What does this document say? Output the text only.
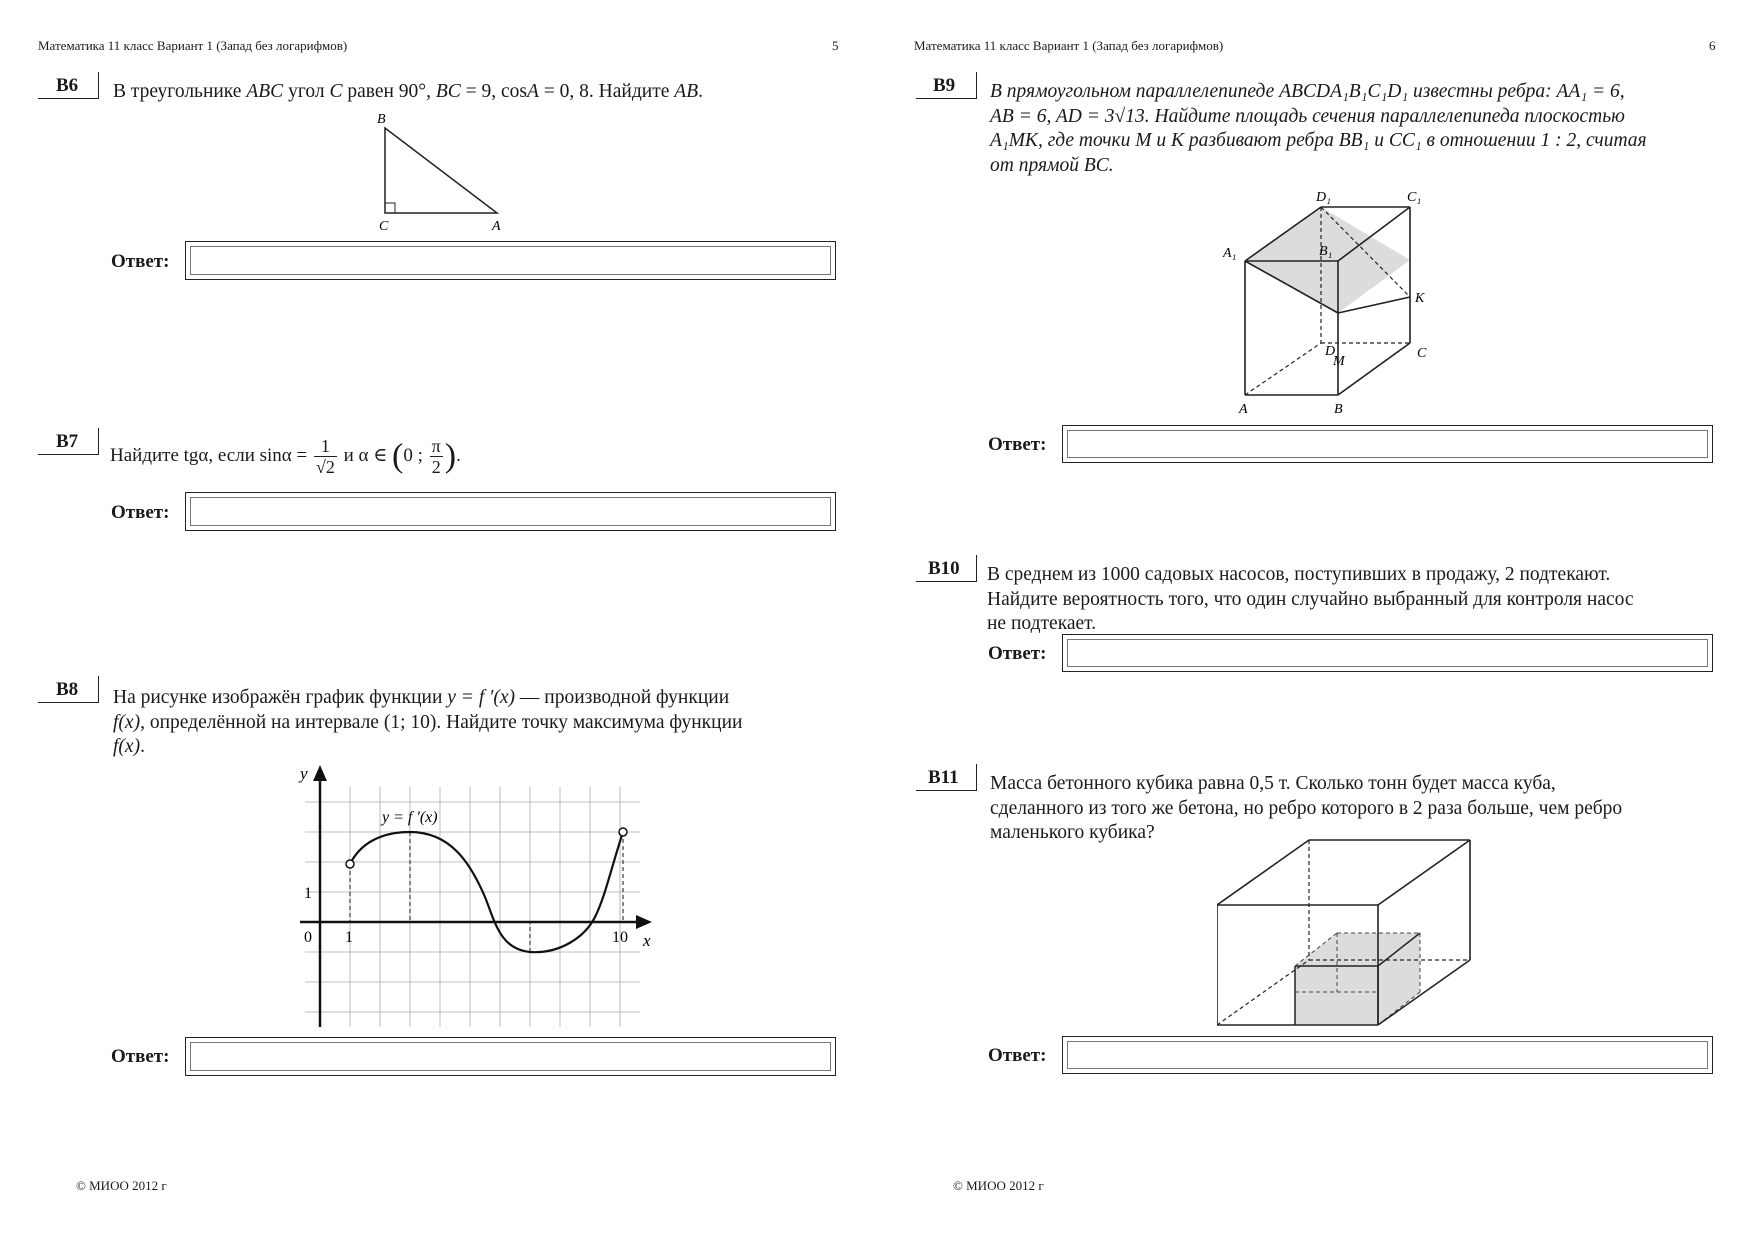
Математика 11 класс Вариант 1 (Запад без логарифмов)	5
B6 В треугольнике ABC угол C равен 90°, BC = 9, cosA = 0, 8. Найдите AB.
B
C	A
Ответ:
B7
Найдите tgα, если $\sin\alpha = \frac{1}{√2}$ и α ∈ (0 ; $\frac{\pi}{2}$ ).
Ответ:
B8 На рисунке изображён график функции y = f ′(x) — производной функции
f(x), определённой на интервале (1; 10). Найдите точку максимума функции
f(x).
y
x
0 1	10
1
y = f ′(x)
Ответ:
© МИОО 2012 г
Математика 11 класс Вариант 1 (Запад без логарифмов)	6
B9 В прямоугольном параллелепипеде ABCDA₁B₁C₁D₁ известны ребра: AA₁ = 6,
AB = 6, AD = 3√13. Найдите площадь сечения параллелепипеда плоскостью
A₁MK, где точки M и K разбивают ребра BB₁ и CC₁ в отношении 1 : 2, считая
от прямой BC.
D₁	C₁
A₁	B₁
K
D
M
C
A	B
Ответ:
B10 В среднем из 1000 садовых насосов, поступивших в продажу, 2 подтекают.
Найдите вероятность того, что один случайно выбранный для контроля насос
не подтекает.
Ответ:
B11 Масса бетонного кубика равна 0,5 т. Сколько тонн будет масса куба,
сделанного из того же бетона, но ребро которого в 2 раза больше, чем ребро
маленького кубика?
Ответ:
© МИОО 2012 г
